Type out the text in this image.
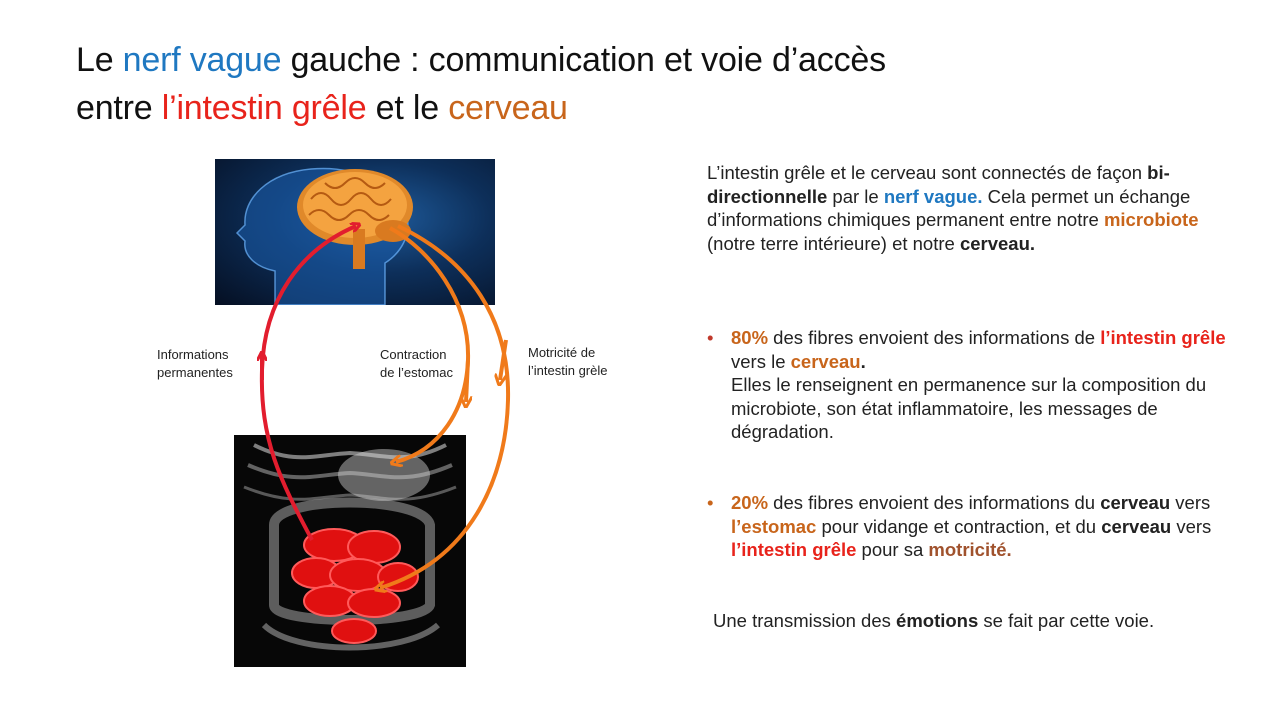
Le nerf vague gauche : communication et voie d’accès
entre l’intestin grêle et le cerveau
Informations
permanentes
Contraction
de l’estomac
Motricité de
l’intestin grèle
L’intestin grêle et le cerveau sont connectés de façon bi-directionnelle par le nerf vague. Cela permet un échange d’informations chimiques permanent entre notre microbiote (notre terre intérieure) et notre cerveau.
• 80% des fibres envoient des informations de l’intestin grêle vers le cerveau.
Elles le renseignent en permanence sur la composition du microbiote, son état inflammatoire, les messages de dégradation.
• 20% des fibres envoient des informations du cerveau vers l’estomac pour vidange et contraction, et du cerveau vers l’intestin grêle pour sa motricité.
Une transmission des émotions se fait par cette voie.
